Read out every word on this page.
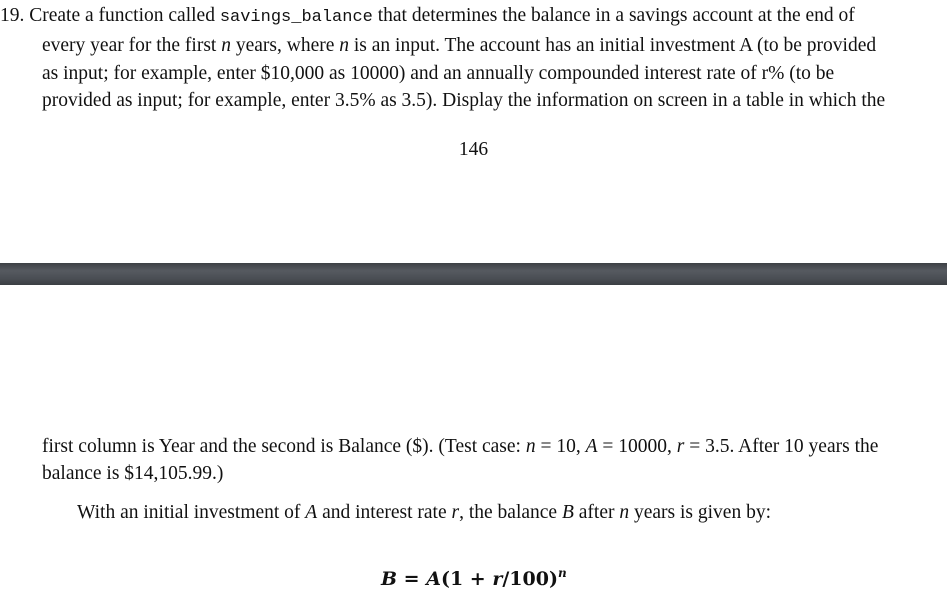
19. Create a function called savings_balance that determines the balance in a savings account at the end of
every year for the first n years, where n is an input. The account has an initial investment A (to be provided
as input; for example, enter $10,000 as 10000) and an annually compounded interest rate of r% (to be
provided as input; for example, enter 3.5% as 3.5). Display the information on screen in a table in which the
146
first column is Year and the second is Balance ($). (Test case: n = 10, A = 10000, r = 3.5. After 10 years the
balance is $14,105.99.)
With an initial investment of A and interest rate r, the balance B after n years is given by:
$B = A(1 + r/100)^n$
